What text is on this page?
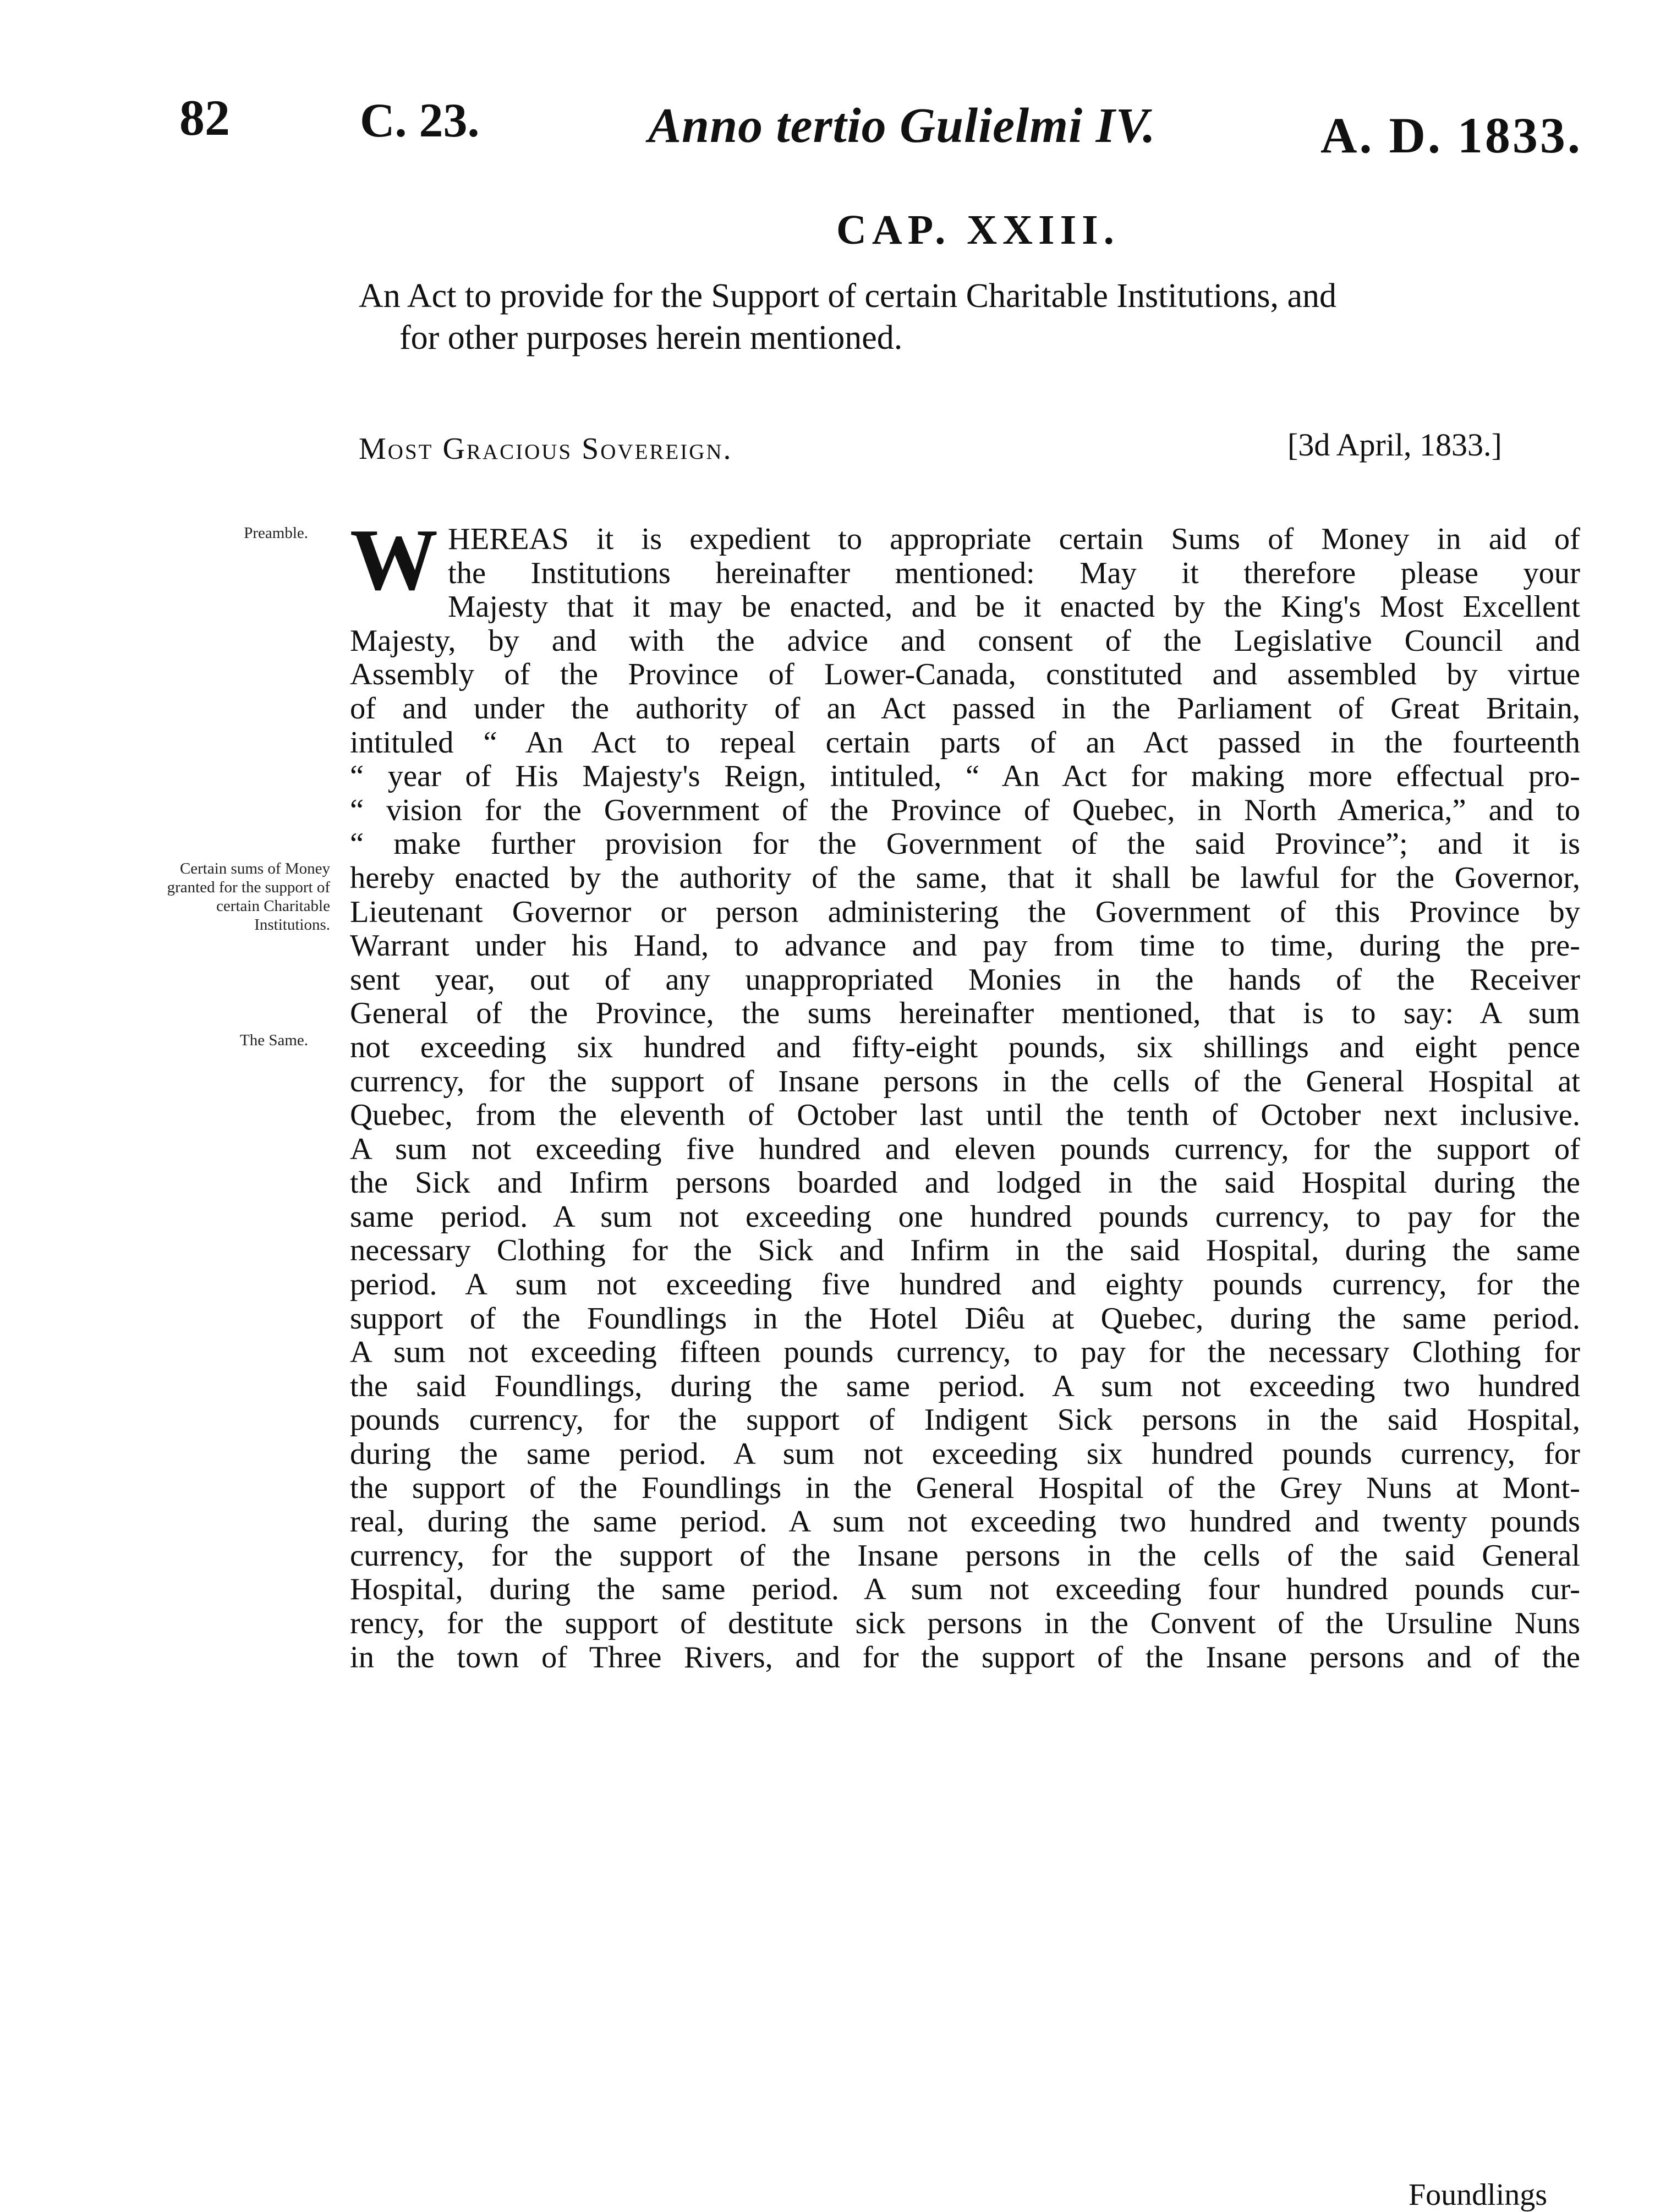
82	C. 23.	Anno tertio Gulielmi IV.	A. D. 1833.
CAP. XXIII.
An Act to provide for the Support of certain Charitable Institutions, and
for other purposes herein mentioned.
Most Gracious Sovereign.	[3d April, 1833.]
Preamble.
Certain sums of Money granted for the support of certain Charitable Institutions.
The Same.
W HEREAS it is expedient to appropriate certain Sums of Money in aid of
the Institutions hereinafter mentioned: May it therefore please your
Majesty that it may be enacted, and be it enacted by the King's Most Excellent
Majesty, by and with the advice and consent of the Legislative Council and
Assembly of the Province of Lower-Canada, constituted and assembled by virtue
of and under the authority of an Act passed in the Parliament of Great Britain,
intituled “ An Act to repeal certain parts of an Act passed in the fourteenth
“ year of His Majesty's Reign, intituled, “ An Act for making more effectual pro-
“ vision for the Government of the Province of Quebec, in North America,” and to
“ make further provision for the Government of the said Province”; and it is
hereby enacted by the authority of the same, that it shall be lawful for the Governor,
Lieutenant Governor or person administering the Government of this Province by
Warrant under his Hand, to advance and pay from time to time, during the pre-
sent year, out of any unappropriated Monies in the hands of the Receiver
General of the Province, the sums hereinafter mentioned, that is to say: A sum
not exceeding six hundred and fifty-eight pounds, six shillings and eight pence
currency, for the support of Insane persons in the cells of the General Hospital at
Quebec, from the eleventh of October last until the tenth of October next inclusive.
A sum not exceeding five hundred and eleven pounds currency, for the support of
the Sick and Infirm persons boarded and lodged in the said Hospital during the
same period. A sum not exceeding one hundred pounds currency, to pay for the
necessary Clothing for the Sick and Infirm in the said Hospital, during the same
period. A sum not exceeding five hundred and eighty pounds currency, for the
support of the Foundlings in the Hotel Diêu at Quebec, during the same period.
A sum not exceeding fifteen pounds currency, to pay for the necessary Clothing for
the said Foundlings, during the same period. A sum not exceeding two hundred
pounds currency, for the support of Indigent Sick persons in the said Hospital,
during the same period. A sum not exceeding six hundred pounds currency, for
the support of the Foundlings in the General Hospital of the Grey Nuns at Mont-
real, during the same period. A sum not exceeding two hundred and twenty pounds
currency, for the support of the Insane persons in the cells of the said General
Hospital, during the same period. A sum not exceeding four hundred pounds cur-
rency, for the support of destitute sick persons in the Convent of the Ursuline Nuns
in the town of Three Rivers, and for the support of the Insane persons and of the
Foundlings
